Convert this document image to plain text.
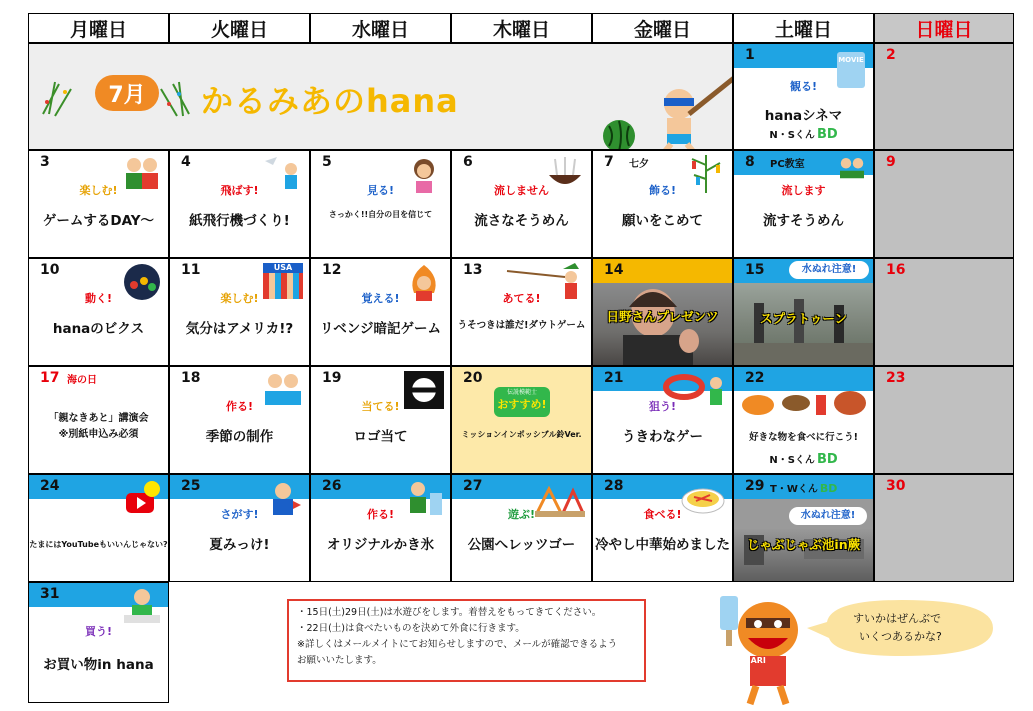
月曜日	火曜日	水曜日	木曜日	金曜日	土曜日	日曜日
7月 かるみあのhana
1	MOVIE
観る!
hanaシネマ
N・Sくん BD
2
3
楽しむ!
ゲームするDAY～
4
飛ばす!
紙飛行機づくり!
5
見る!
さっかく!!自分の目を信じて
6
流しません
流さなそうめん
7 七夕
飾る!
願いをこめて
8 PC教室
流します
流すそうめん
9
10
動く!
hanaのビクス
11	USA
楽しむ!
気分はアメリカ!?
12
覚える!
リベンジ暗記ゲーム
13
あてる!
うそつきは誰だ!ダウトゲーム
14
日野さんプレゼンツ
15	水ぬれ注意!
スプラトゥーン
16
17 海の日
「親なきあと」講演会
※別紙申込み必須
18
作る!
季節の制作
19
当てる!
ロゴ当て
20
伝説模範士
おすすめ!
ミッションインポッシブル鈴Ver.
21
狙う!
うきわなゲー
22
好きな物を食べに行こう!
N・Sくん BD
23
24
たまにはYouTubeもいいんじゃない?
25
さがす!
夏みっけ!
26
作る!
オリジナルかき氷
27
遊ぶ!
公園へレッツゴー
28
食べる!
冷やし中華始めました
29 T・Wくん BD
水ぬれ注意!
じゃぶじゃぶ池in蕨
30
31
買う!
お買い物in hana
・15日(土)29日(土)は水遊びをします。着替えをもってきてください。
・22日(土)は食べたいものを決めて外食に行きます。
※詳しくはメールメイトにてお知らせしますので、メールが確認できるよう
お願いいたします。	GARI
すいかはぜんぶで
いくつあるかな?
